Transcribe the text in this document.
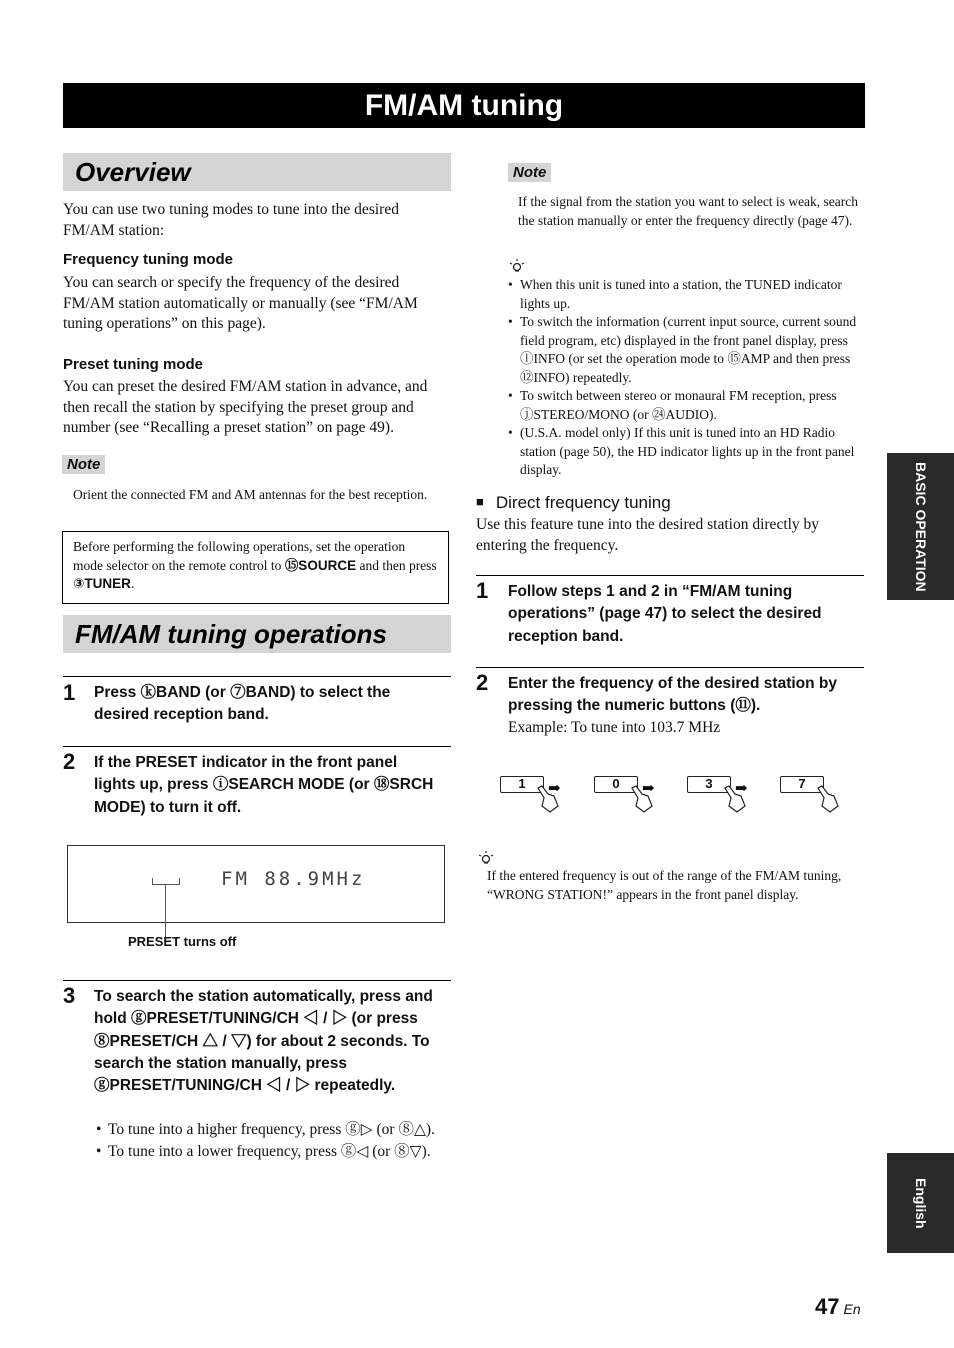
FM/AM tuning
Overview
You can use two tuning modes to tune into the desired FM/AM station:
Frequency tuning mode
You can search or specify the frequency of the desired FM/AM station automatically or manually (see “FM/AM tuning operations” on this page).
Preset tuning mode
You can preset the desired FM/AM station in advance, and then recall the station by specifying the preset group and number (see “Recalling a preset station” on page 49).
Note
Orient the connected FM and AM antennas for the best reception.
Before performing the following operations, set the operation mode selector on the remote control to ⑮SOURCE and then press ③TUNER.
FM/AM tuning operations
1 Press ⓚBAND (or ⑦BAND) to select the desired reception band.
2 If the PRESET indicator in the front panel lights up, press ⓘSEARCH MODE (or ⑱SRCH MODE) to turn it off.
FM 88.9MHz
PRESET turns off
3 To search the station automatically, press and hold ⓖPRESET/TUNING/CH ◁ / ▷ (or press ⑧PRESET/CH △ / ▽) for about 2 seconds. To search the station manually, press ⓖPRESET/TUNING/CH ◁ / ▷ repeatedly.
• To tune into a higher frequency, press ⓖ▷ (or ⑧△).
• To tune into a lower frequency, press ⓖ◁ (or ⑧▽).
Note
If the signal from the station you want to select is weak, search the station manually or enter the frequency directly (page 47).
• When this unit is tuned into a station, the TUNED indicator lights up.
• To switch the information (current input source, current sound field program, etc) displayed in the front panel display, press ⓛINFO (or set the operation mode to ⑮AMP and then press ⑫INFO) repeatedly.
• To switch between stereo or monaural FM reception, press ⓙSTEREO/MONO (or ㉔AUDIO).
• (U.S.A. model only) If this unit is tuned into an HD Radio station (page 50), the HD indicator lights up in the front panel display.
■ Direct frequency tuning
Use this feature tune into the desired station directly by entering the frequency.
1 Follow steps 1 and 2 in “FM/AM tuning operations” (page 47) to select the desired reception band.
2 Enter the frequency of the desired station by pressing the numeric buttons (⑪).
Example: To tune into 103.7 MHz
1	➡	0	➡	3	➡	7
If the entered frequency is out of the range of the FM/AM tuning, “WRONG STATION!” appears in the front panel display.
BASIC OPERATION
English
47 En
